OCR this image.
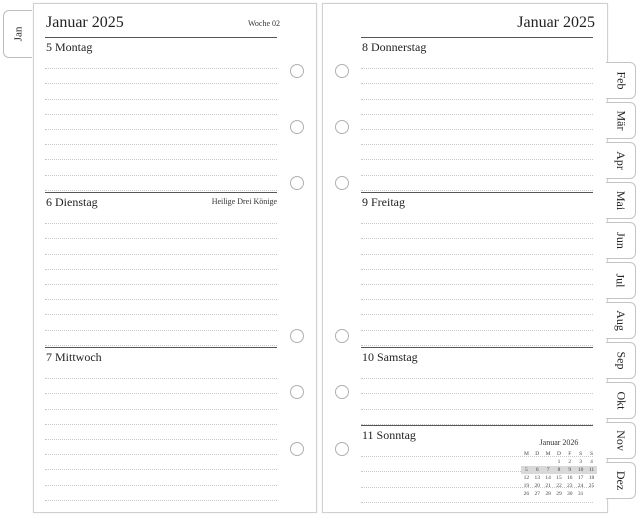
Jan
Januar 2025	Woche 02
5 Montag
6 Dienstag	Heilige Drei Könige
7 Mittwoch
Januar 2025
8 Donnerstag
9 Freitag
10 Samstag
11 Sonntag
Januar 2026
M	D	M	D	F	S	S
			1	2	3	4
5	6	7	8	9	10	11
12	13	14	15	16	17	18
19	20	21	22	23	24	25
26	27	28	29	30	31	
Feb
Mär
Apr
Mai
Jun
Jul
Aug
Sep
Okt
Nov
Dez
